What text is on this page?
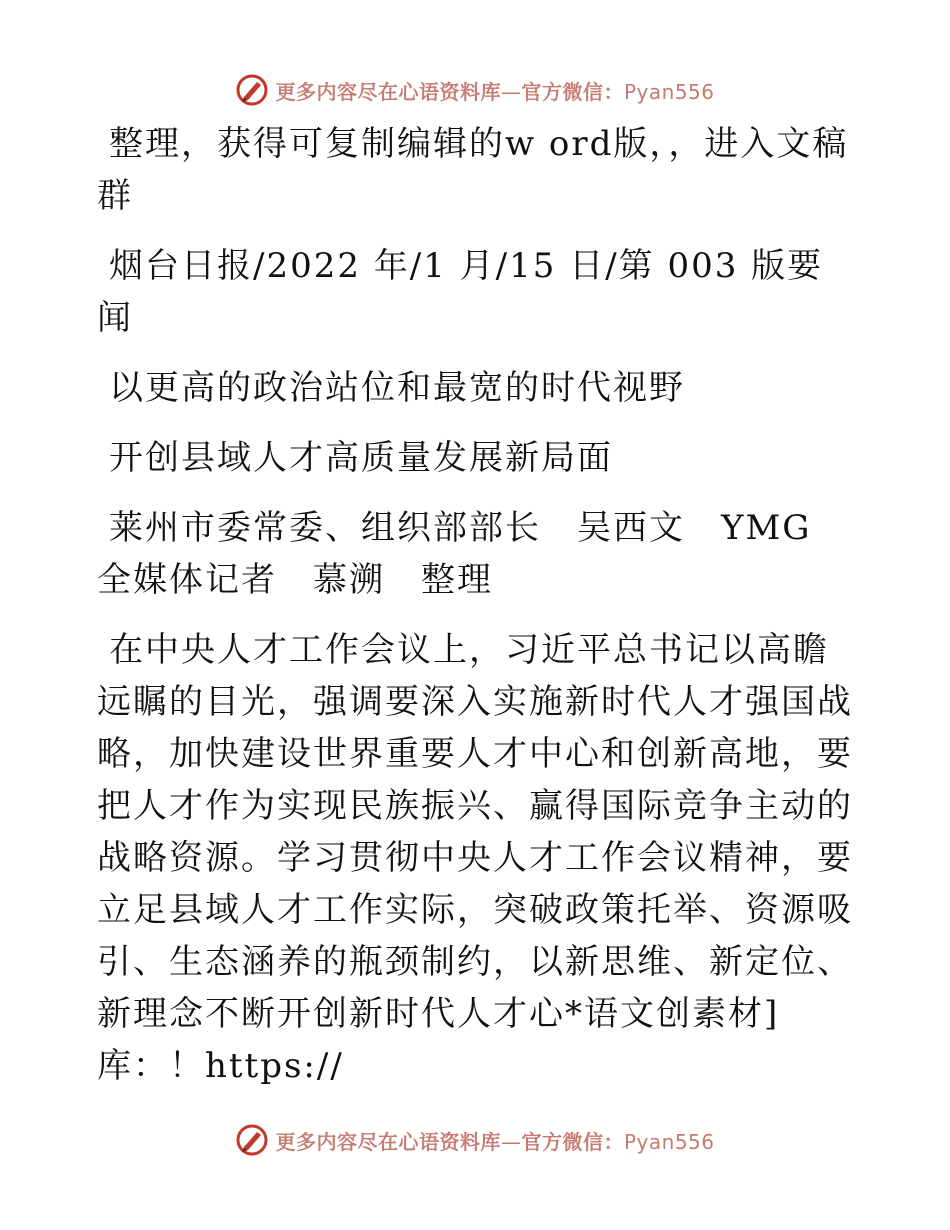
更多内容尽在心语资料库—官方微信：Pyan556

整理，获得可复制编辑的w ord版，，进入文稿群

烟台日报/2022 年/1 月/15 日/第 003 版要闻

以更高的政治站位和最宽的时代视野

开创县域人才高质量发展新局面

莱州市委常委、组织部部长　吴西文　YMG 全媒体记者　慕溯　整理

在中央人才工作会议上，习近平总书记以高瞻远瞩的目光，强调要深入实施新时代人才强国战略，加快建设世界重要人才中心和创新高地，要把人才作为实现民族振兴、赢得国际竞争主动的战略资源。学习贯彻中央人才工作会议精神，要立足县域人才工作实际，突破政策托举、资源吸引、生态涵养的瓶颈制约，以新思维、新定位、新理念不断开创新时代人才心*语文创素材]库：！https://

更多内容尽在心语资料库—官方微信：Pyan556
